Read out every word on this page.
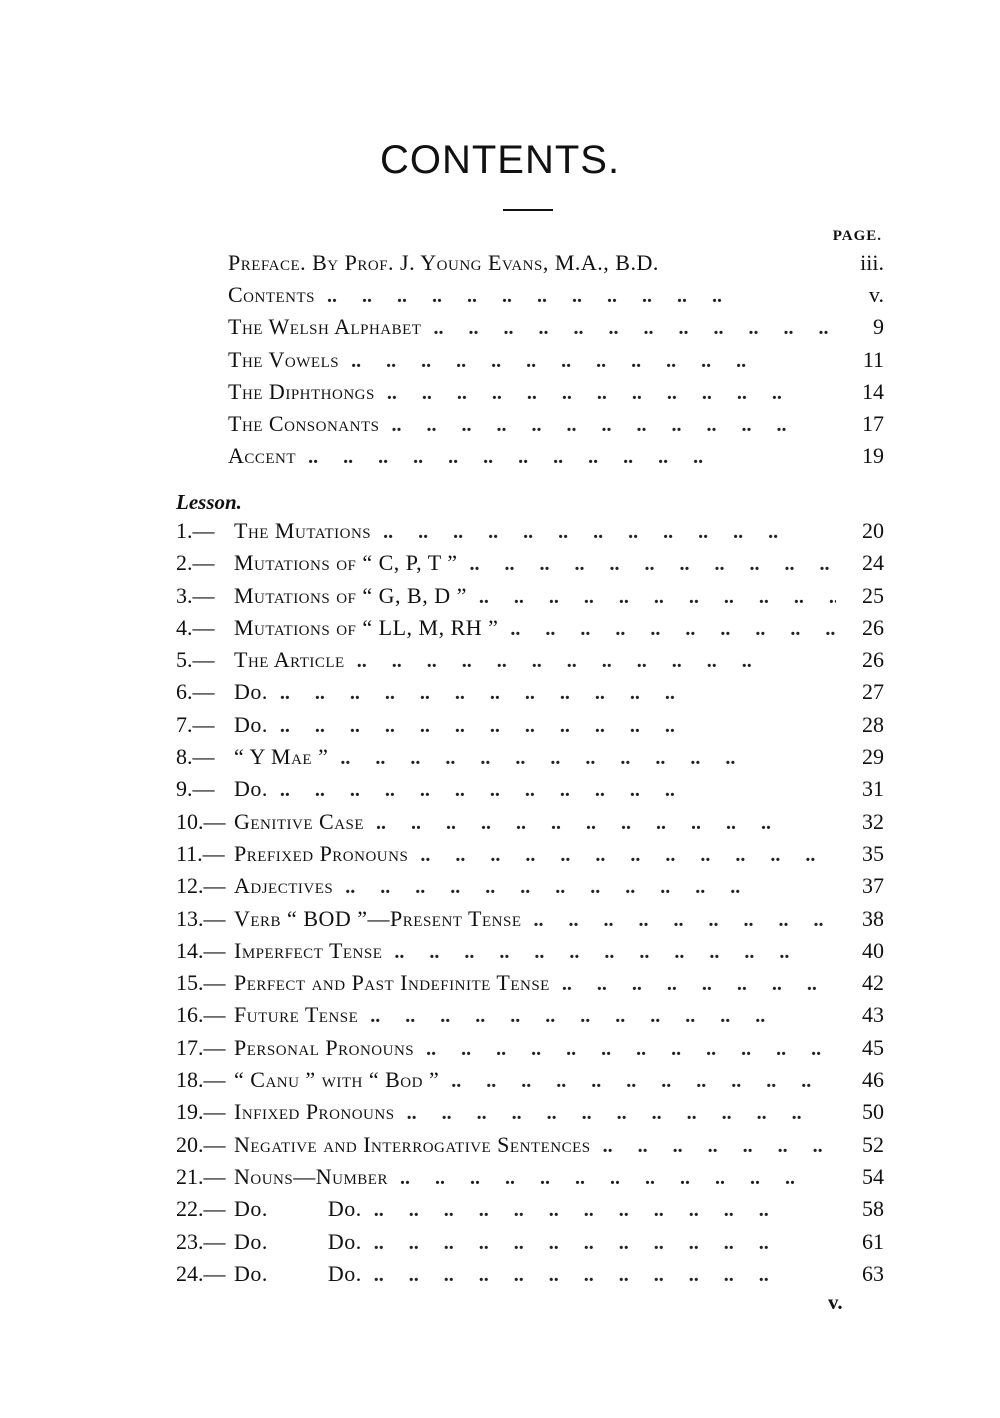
CONTENTS.
PAGE.
Preface. By Prof. J. Young Evans, M.A., B.D.	iii.
Contents ..	v.
The Welsh Alphabet ..	9
The Vowels ..	11
The Diphthongs ..	14
The Consonants ..	17
Accent ..	19
Lesson.
1.— The Mutations ..	20
2.— Mutations of “ C, P, T ” ..	24
3.— Mutations of “ G, B, D ” ..	25
4.— Mutations of “ LL, M, RH ” ..	26
5.— The Article ..	26
6.— Do. ..	27
7.— Do. ..	28
8.— “ Y Mae ” ..	29
9.— Do. ..	31
10.— Genitive Case ..	32
11.— Prefixed Pronouns ..	35
12.— Adjectives ..	37
13.— Verb “ BOD ”—Present Tense ..	38
14.— Imperfect Tense ..	40
15.— Perfect and Past Indefinite Tense ..	42
16.— Future Tense ..	43
17.— Personal Pronouns ..	45
18.— “ Canu ” with “ Bod ” ..	46
19.— Infixed Pronouns ..	50
20.— Negative and Interrogative Sentences ..	52
21.— Nouns—Number ..	54
22.— Do.          Do. ..	58
23.— Do.          Do. ..	61
24.— Do.          Do. ..	63
v.
